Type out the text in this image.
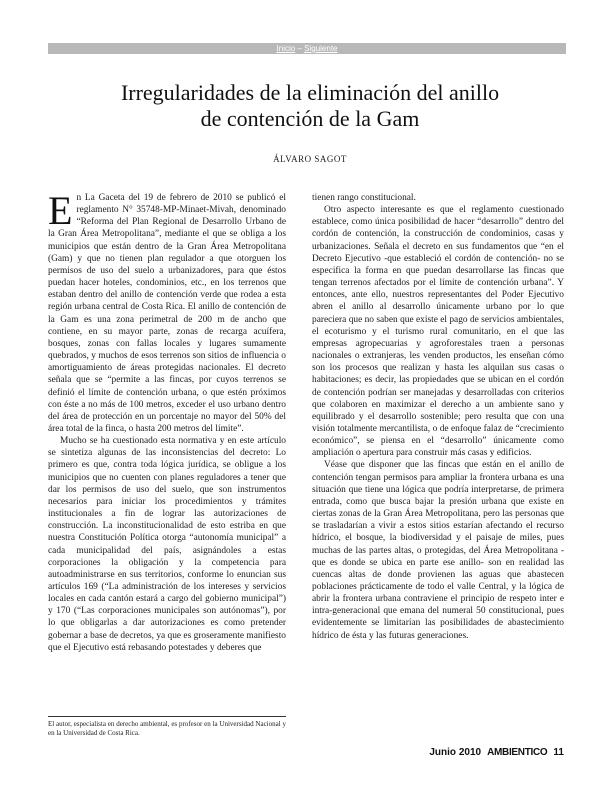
Inicio – Siguiente
Irregularidades de la eliminación del anillo
de contención de la Gam
ÁLVARO SAGOT

En La Gaceta del 19 de febrero de 2010 se publicó el reglamento N° 35748-MP-Minaet-Mivah, denominado “Reforma del Plan Regional de Desarrollo Urbano de la Gran Área Metropolitana”, mediante el que se obliga a los municipios que están dentro de la Gran Área Metropolitana (Gam) y que no tienen plan regulador a que otorguen los permisos de uso del suelo a urbanizadores, para que éstos puedan hacer hoteles, condominios, etc., en los terrenos que estaban dentro del anillo de contención verde que rodea a esta región urbana central de Costa Rica. El anillo de contención de la Gam es una zona perimetral de 200 m de ancho que contiene, en su mayor parte, zonas de recarga acuífera, bosques, zonas con fallas locales y lugares sumamente quebrados, y muchos de esos terrenos son sitios de influencia o amortiguamiento de áreas protegidas nacionales. El decreto señala que se “permite a las fincas, por cuyos terrenos se definió el límite de contención urbana, o que estén próximos con éste a no más de 100 metros, exceder el uso urbano dentro del área de protección en un porcentaje no mayor del 50% del área total de la finca, o hasta 200 metros del límite”.

Mucho se ha cuestionado esta normativa y en este artículo se sintetiza algunas de las inconsistencias del decreto: Lo primero es que, contra toda lógica jurídica, se obligue a los municipios que no cuenten con planes reguladores a tener que dar los permisos de uso del suelo, que son instrumentos necesarios para iniciar los procedimientos y trámites institucionales a fin de lograr las autorizaciones de construcción. La inconstitucionalidad de esto estriba en que nuestra Constitución Política otorga “autonomía municipal” a cada municipalidad del país, asignándoles a estas corporaciones la obligación y la competencia para autoadministrarse en sus territorios, conforme lo enuncian sus artículos 169 (“La administración de los intereses y servicios locales en cada cantón estará a cargo del gobierno municipal”) y 170 (“Las corporaciones municipales son autónomas”), por lo que obligarlas a dar autorizaciones es como pretender gobernar a base de decretos, ya que es groseramente manifiesto que el Ejecutivo está rebasando potestades y deberes que

tienen rango constitucional.

Otro aspecto interesante es que el reglamento cuestionado establece, como única posibilidad de hacer “desarrollo” dentro del cordón de contención, la construcción de condominios, casas y urbanizaciones. Señala el decreto en sus fundamentos que “en el Decreto Ejecutivo -que estableció el cordón de contención- no se especifica la forma en que puedan desarrollarse las fincas que tengan terrenos afectados por el límite de contención urbana”. Y entonces, ante ello, nuestros representantes del Poder Ejecutivo abren el anillo al desarrollo únicamente urbano por lo que pareciera que no saben que existe el pago de servicios ambientales, el ecoturismo y el turismo rural comunitario, en el que las empresas agropecuarias y agroforestales traen a personas nacionales o extranjeras, les venden productos, les enseñan cómo son los procesos que realizan y hasta les alquilan sus casas o habitaciones; es decir, las propiedades que se ubican en el cordón de contención podrían ser manejadas y desarrolladas con criterios que colaboren en maximizar el derecho a un ambiente sano y equilibrado y el desarrollo sostenible; pero resulta que con una visión totalmente mercantilista, o de enfoque falaz de “crecimiento económico”, se piensa en el “desarrollo” únicamente como ampliación o apertura para construir más casas y edificios.

Véase que disponer que las fincas que están en el anillo de contención tengan permisos para ampliar la frontera urbana es una situación que tiene una lógica que podría interpretarse, de primera entrada, como que busca bajar la presión urbana que existe en ciertas zonas de la Gran Área Metropolitana, pero las personas que se trasladarían a vivir a estos sitios estarían afectando el recurso hídrico, el bosque, la biodiversidad y el paisaje de miles, pues muchas de las partes altas, o protegidas, del Área Metropolitana -que es donde se ubica en parte ese anillo- son en realidad las cuencas altas de donde provienen las aguas que abastecen poblaciones prácticamente de todo el valle Central, y la lógica de abrir la frontera urbana contraviene el principio de respeto inter e intra-generacional que emana del numeral 50 constitucional, pues evidentemente se limitarían las posibilidades de abastecimiento hídrico de ésta y las futuras generaciones.

El autor, especialista en derecho ambiental, es profesor en la Universidad Nacional y en la Universidad de Costa Rica.
Junio 2010 AMBIENTICO 11
